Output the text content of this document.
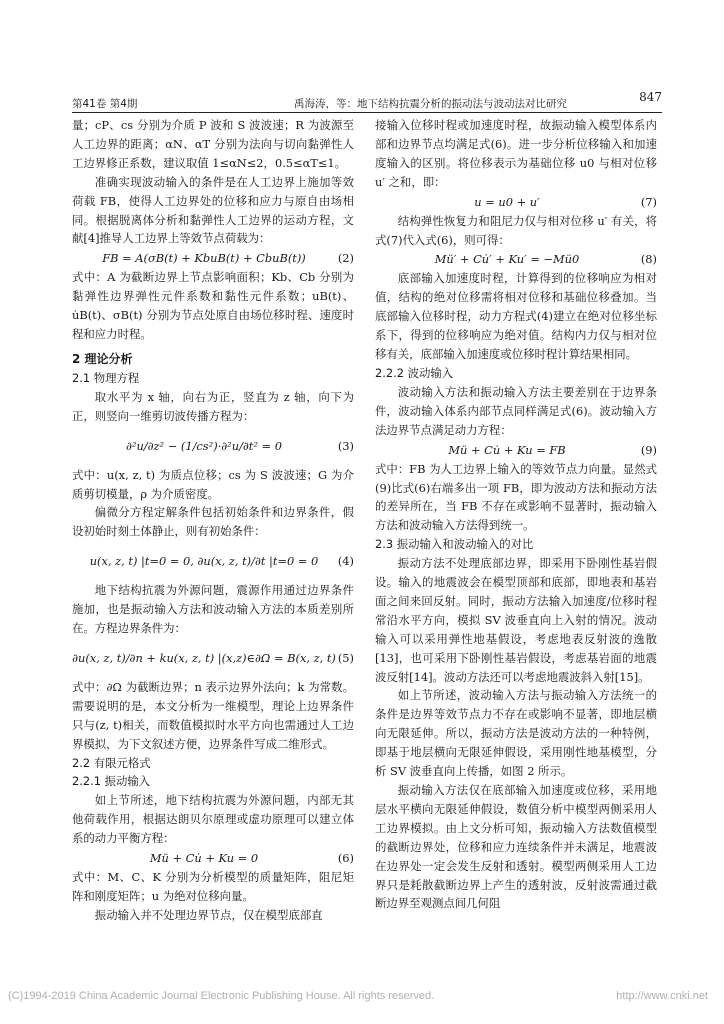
第41卷 第4期	禹海涛，等：地下结构抗震分析的振动法与波动法对比研究	847
量；cP、cs 分别为介质 P 波和 S 波波速；R 为波源至人工边界的距离；αN、αT 分别为法向与切向黏弹性人工边界修正系数，建议取值 1≤αN≤2，0.5≤αT≤1。
准确实现波动输入的条件是在人工边界上施加等效荷载 FB，使得人工边界处的位移和应力与原自由场相同。根据脱离体分析和黏弹性人工边界的运动方程，文献[4]推导人工边界上等效节点荷载为：
FB = A(σB(t) + KbuB(t) + CbuB(t))	(2)
式中：A 为截断边界上节点影响面积；Kb、Cb 分别为黏弹性边界弹性元件系数和黏性元件系数；uB(t)、u̇B(t)、σB(t) 分别为节点处原自由场位移时程、速度时程和应力时程。
2 理论分析
2.1 物理方程
取水平为 x 轴，向右为正，竖直为 z 轴，向下为正，则竖向一维剪切波传播方程为：
∂²u/∂z² − (1/cs²)·∂²u/∂t² = 0	(3)
式中：u(x, z, t) 为质点位移；cs 为 S 波波速；G 为介质剪切模量，ρ 为介质密度。
偏微分方程定解条件包括初始条件和边界条件，假设初始时刻土体静止，则有初始条件：
u(x, z, t) |t=0 = 0, ∂u(x, z, t)/∂t |t=0 = 0 (4)
地下结构抗震为外源问题，震源作用通过边界条件施加，也是振动输入方法和波动输入方法的本质差别所在。方程边界条件为：
∂u(x, z, t)/∂n + ku(x, z, t) |(x,z)∈∂Ω = B(x, z, t) (5)
式中：∂Ω 为截断边界；n 表示边界外法向；k 为常数。需要说明的是，本文分析为一维模型，理论上边界条件只与(z, t)相关，而数值模拟时水平方向也需通过人工边界模拟，为下文叙述方便，边界条件写成二维形式。
2.2 有限元格式
2.2.1 振动输入
如上节所述，地下结构抗震为外源问题，内部无其他荷载作用，根据达朗贝尔原理或虚功原理可以建立体系的动力平衡方程：
Mü + Cu̇ + Ku = 0	(6)
式中：M、C、K 分别为分析模型的质量矩阵，阻尼矩阵和刚度矩阵；u 为绝对位移向量。
振动输入并不处理边界节点，仅在模型底部直
接输入位移时程或加速度时程，故振动输入模型体系内部和边界节点均满足式(6)。进一步分析位移输入和加速度输入的区别。将位移表示为基础位移 u0 与相对位移 u′ 之和，即：
u = u0 + u′	(7)
结构弹性恢复力和阻尼力仅与相对位移 u′ 有关，将式(7)代入式(6)，则可得：
Mü′ + Cu̇′ + Ku′ = −Mü0	(8)
底部输入加速度时程，计算得到的位移响应为相对值，结构的绝对位移需将相对位移和基础位移叠加。当底部输入位移时程，动力方程式(4)建立在绝对位移坐标系下，得到的位移响应为绝对值。结构内力仅与相对位移有关，底部输入加速度或位移时程计算结果相同。
2.2.2 波动输入
波动输入方法和振动输入方法主要差别在于边界条件，波动输入体系内部节点同样满足式(6)。波动输入方法边界节点满足动力方程：
Mü + Cu̇ + Ku = FB	(9)
式中：FB 为人工边界上输入的等效节点力向量。显然式(9)比式(6)右端多出一项 FB，即为波动方法和振动方法的差异所在，当 FB 不存在或影响不显著时，振动输入方法和波动输入方法得到统一。
2.3 振动输入和波动输入的对比
振动方法不处理底部边界，即采用下卧刚性基岩假设。输入的地震波会在模型顶部和底部，即地表和基岩面之间来回反射。同时，振动方法输入加速度/位移时程常沿水平方向，模拟 SV 波垂直向上入射的情况。波动输入可以采用弹性地基假设，考虑地表反射波的逸散[13]，也可采用下卧刚性基岩假设，考虑基岩面的地震波反射[14]。波动方法还可以考虑地震波斜入射[15]。
如上节所述，波动输入方法与振动输入方法统一的条件是边界等效节点力不存在或影响不显著，即地层横向无限延伸。所以，振动方法是波动方法的一种特例，即基于地层横向无限延伸假设，采用刚性地基模型，分析 SV 波垂直向上传播，如图 2 所示。
振动输入方法仅在底部输入加速度或位移，采用地层水平横向无限延伸假设，数值分析中模型两侧采用人工边界模拟。由上文分析可知，振动输入方法数值模型的截断边界处，位移和应力连续条件并未满足，地震波在边界处一定会发生反射和透射。模型两侧采用人工边界只是耗散截断边界上产生的透射波，反射波需通过截断边界至观测点间几何阻
(C)1994-2019 China Academic Journal Electronic Publishing House. All rights reserved.	http://www.cnki.net
